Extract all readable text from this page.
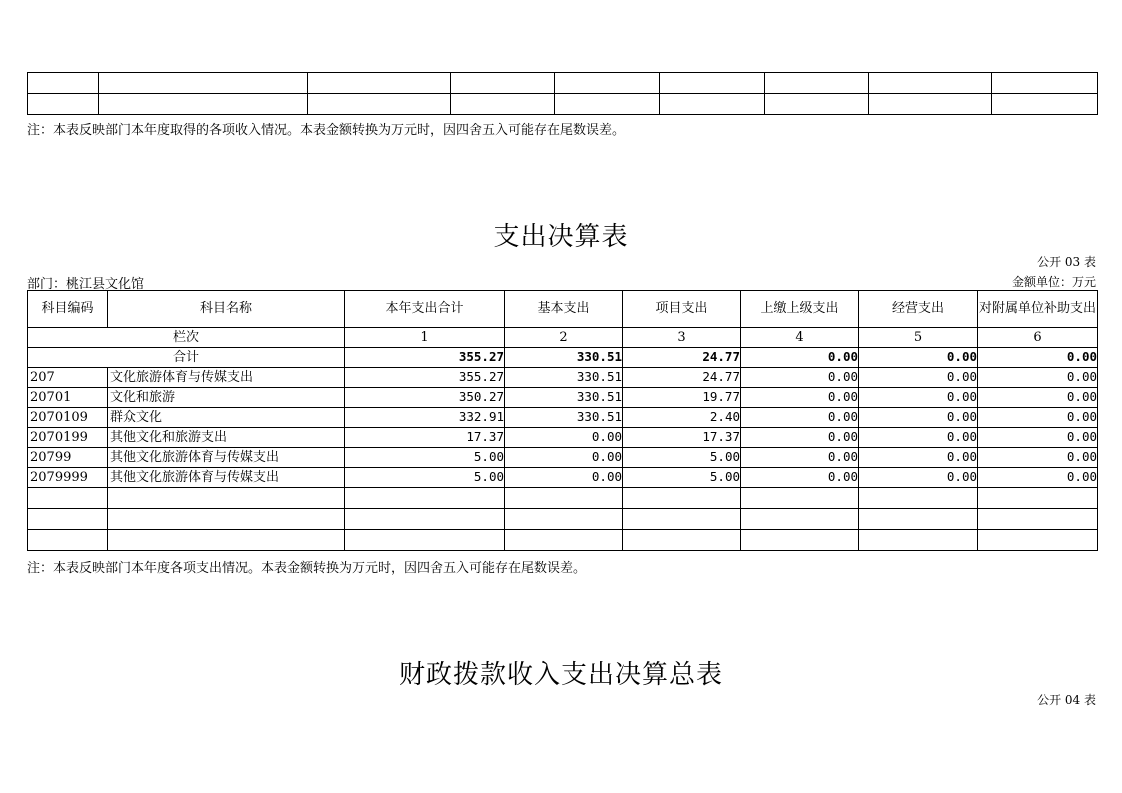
注：本表反映部门本年度取得的各项收入情况。本表金额转换为万元时，因四舍五入可能存在尾数误差。
支出决算表
公开 03 表
部门：桃江县文化馆	金额单位：万元
科目编码	科目名称	本年支出合计	基本支出	项目支出	上缴上级支出	经营支出	对附属单位补助支出
栏次		1	2	3	4	5	6
合计		355.27	330.51	24.77	0.00	0.00	0.00
207	文化旅游体育与传媒支出	355.27	330.51	24.77	0.00	0.00	0.00
20701	文化和旅游	350.27	330.51	19.77	0.00	0.00	0.00
2070109	群众文化	332.91	330.51	2.40	0.00	0.00	0.00
2070199	其他文化和旅游支出	17.37	0.00	17.37	0.00	0.00	0.00
20799	其他文化旅游体育与传媒支出	5.00	0.00	5.00	0.00	0.00	0.00
2079999	其他文化旅游体育与传媒支出	5.00	0.00	5.00	0.00	0.00	0.00

注：本表反映部门本年度各项支出情况。本表金额转换为万元时，因四舍五入可能存在尾数误差。
财政拨款收入支出决算总表
公开 04 表
